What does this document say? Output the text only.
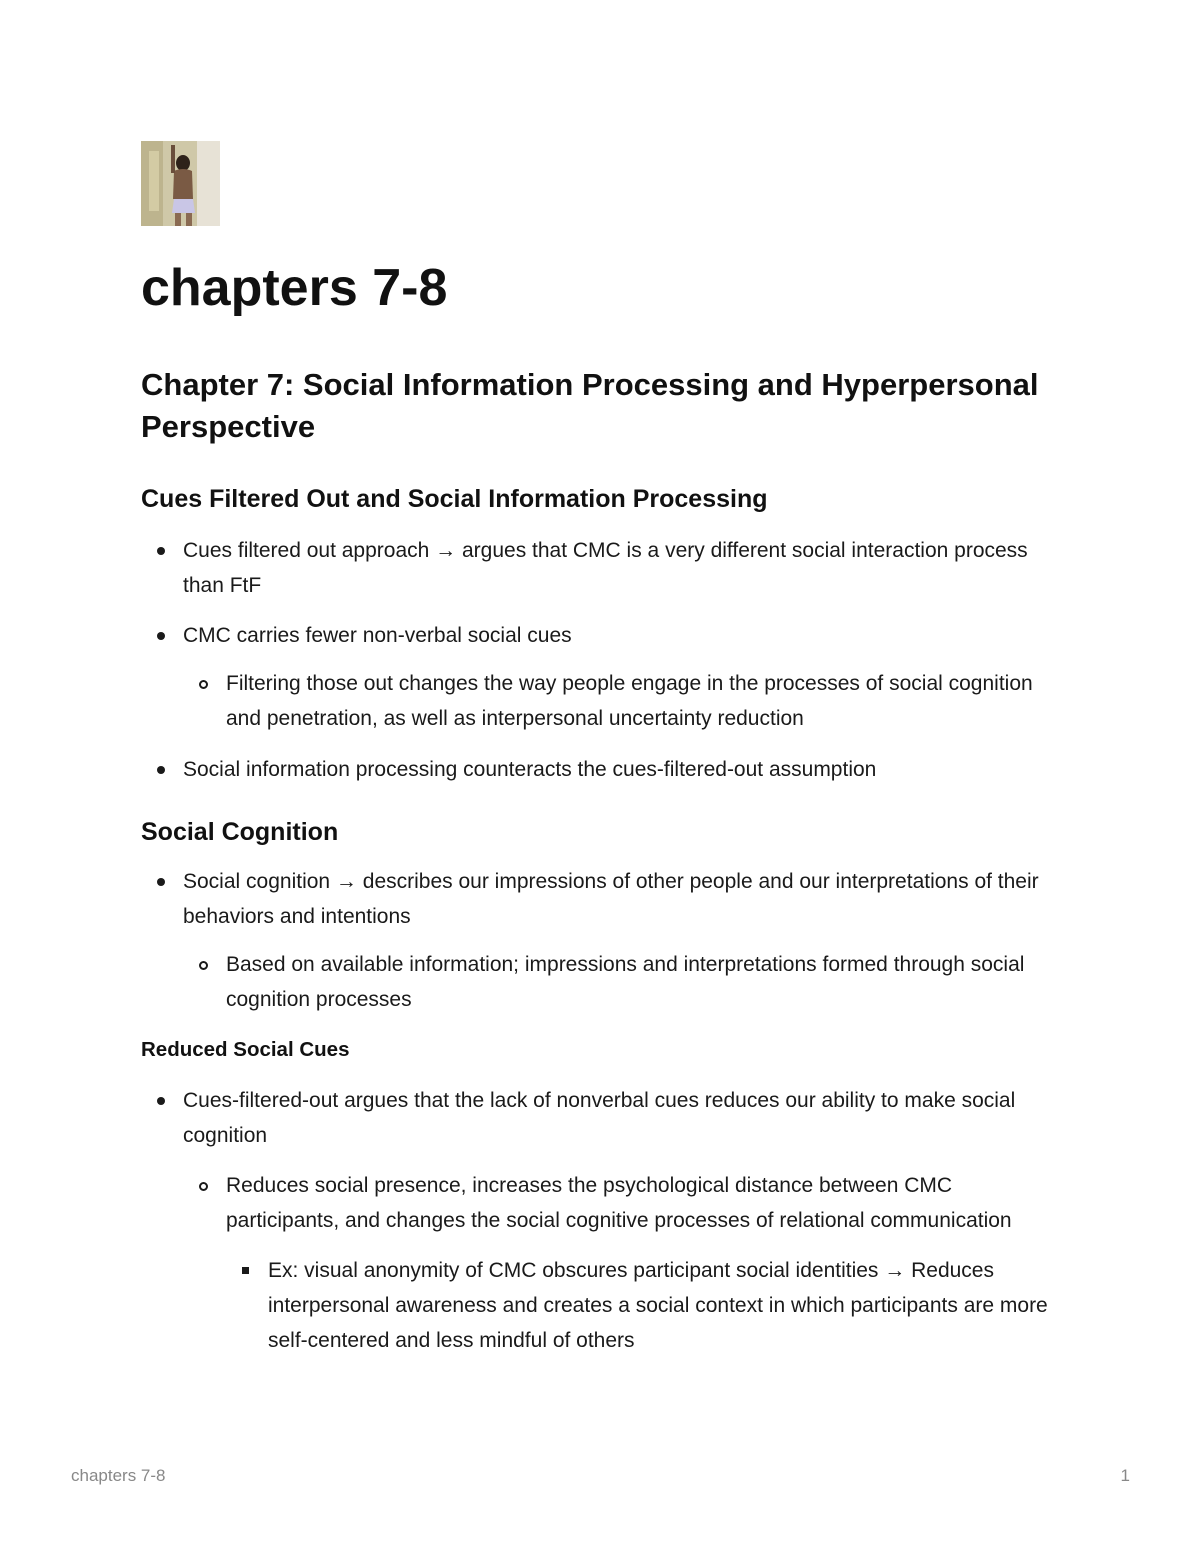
chapters 7-8
Chapter 7: Social Information Processing and Hyperpersonal Perspective
Cues Filtered Out and Social Information Processing
Cues filtered out approach → argues that CMC is a very different social interaction process than FtF
CMC carries fewer non-verbal social cues
Filtering those out changes the way people engage in the processes of social cognition and penetration, as well as interpersonal uncertainty reduction
Social information processing counteracts the cues-filtered-out assumption
Social Cognition
Social cognition → describes our impressions of other people and our interpretations of their behaviors and intentions
Based on available information; impressions and interpretations formed through social cognition processes
Reduced Social Cues
Cues-filtered-out argues that the lack of nonverbal cues reduces our ability to make social cognition
Reduces social presence, increases the psychological distance between CMC participants, and changes the social cognitive processes of relational communication
Ex: visual anonymity of CMC obscures participant social identities → Reduces interpersonal awareness and creates a social context in which participants are more self-centered and less mindful of others
chapters 7-8	1
